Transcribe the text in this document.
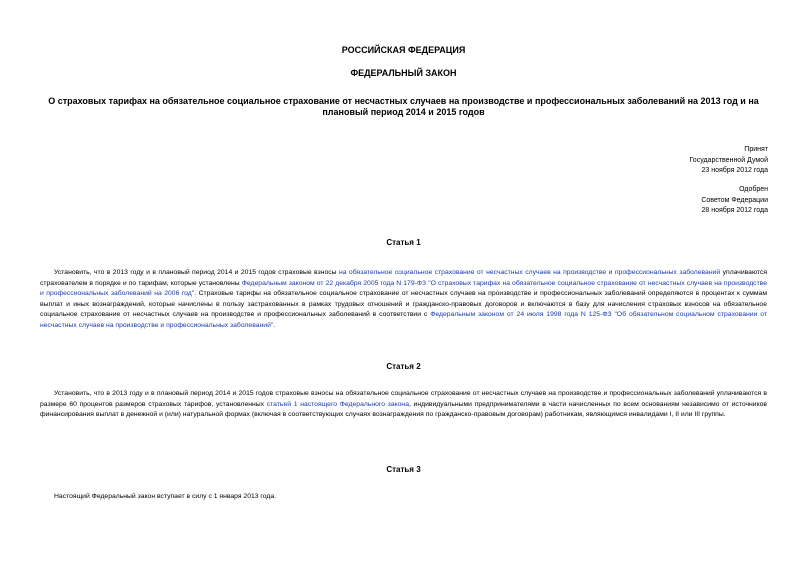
РОССИЙСКАЯ ФЕДЕРАЦИЯ
ФЕДЕРАЛЬНЫЙ ЗАКОН
О страховых тарифах на обязательное социальное страхование от несчастных случаев на производстве и профессиональных заболеваний на 2013 год и на плановый период 2014 и 2015 годов
Принят
Государственной Думой
23 ноября 2012 года
Одобрен
Советом Федерации
28 ноября 2012 года
Статья 1
Установить, что в 2013 году и в плановый период 2014 и 2015 годов страховые взносы на обязательное социальное страхование от несчастных случаев на производстве и профессиональных заболеваний уплачиваются страхователем в порядке и по тарифам, которые установлены Федеральным законом от 22 декабря 2005 года N 179-ФЗ "О страховых тарифах на обязательное социальное страхование от несчастных случаев на производстве и профессиональных заболеваний на 2006 год". Страховые тарифы на обязательное социальное страхование от несчастных случаев на производстве и профессиональных заболеваний определяются в процентах к суммам выплат и иных вознаграждений, которые начислены в пользу застрахованных в рамках трудовых отношений и гражданско-правовых договоров и включаются в базу для начисления страховых взносов на обязательное социальное страхование от несчастных случаев на производстве и профессиональных заболеваний в соответствии с Федеральным законом от 24 июля 1998 года N 125-ФЗ "Об обязательном социальном страховании от несчастных случаев на производстве и профессиональных заболеваний".
Статья 2
Установить, что в 2013 году и в плановый период 2014 и 2015 годов страховые взносы на обязательное социальное страхование от несчастных случаев на производстве и профессиональных заболеваний уплачиваются в размере 60 процентов размеров страховых тарифов, установленных статьей 1 настоящего Федерального закона, индивидуальными предпринимателями в части начисленных по всем основаниям независимо от источников финансирования выплат в денежной и (или) натуральной формах (включая в соответствующих случаях вознаграждения по гражданско-правовым договорам) работникам, являющимся инвалидами I, II или III группы.
Статья 3
Настоящий Федеральный закон вступает в силу с 1 января 2013 года.
